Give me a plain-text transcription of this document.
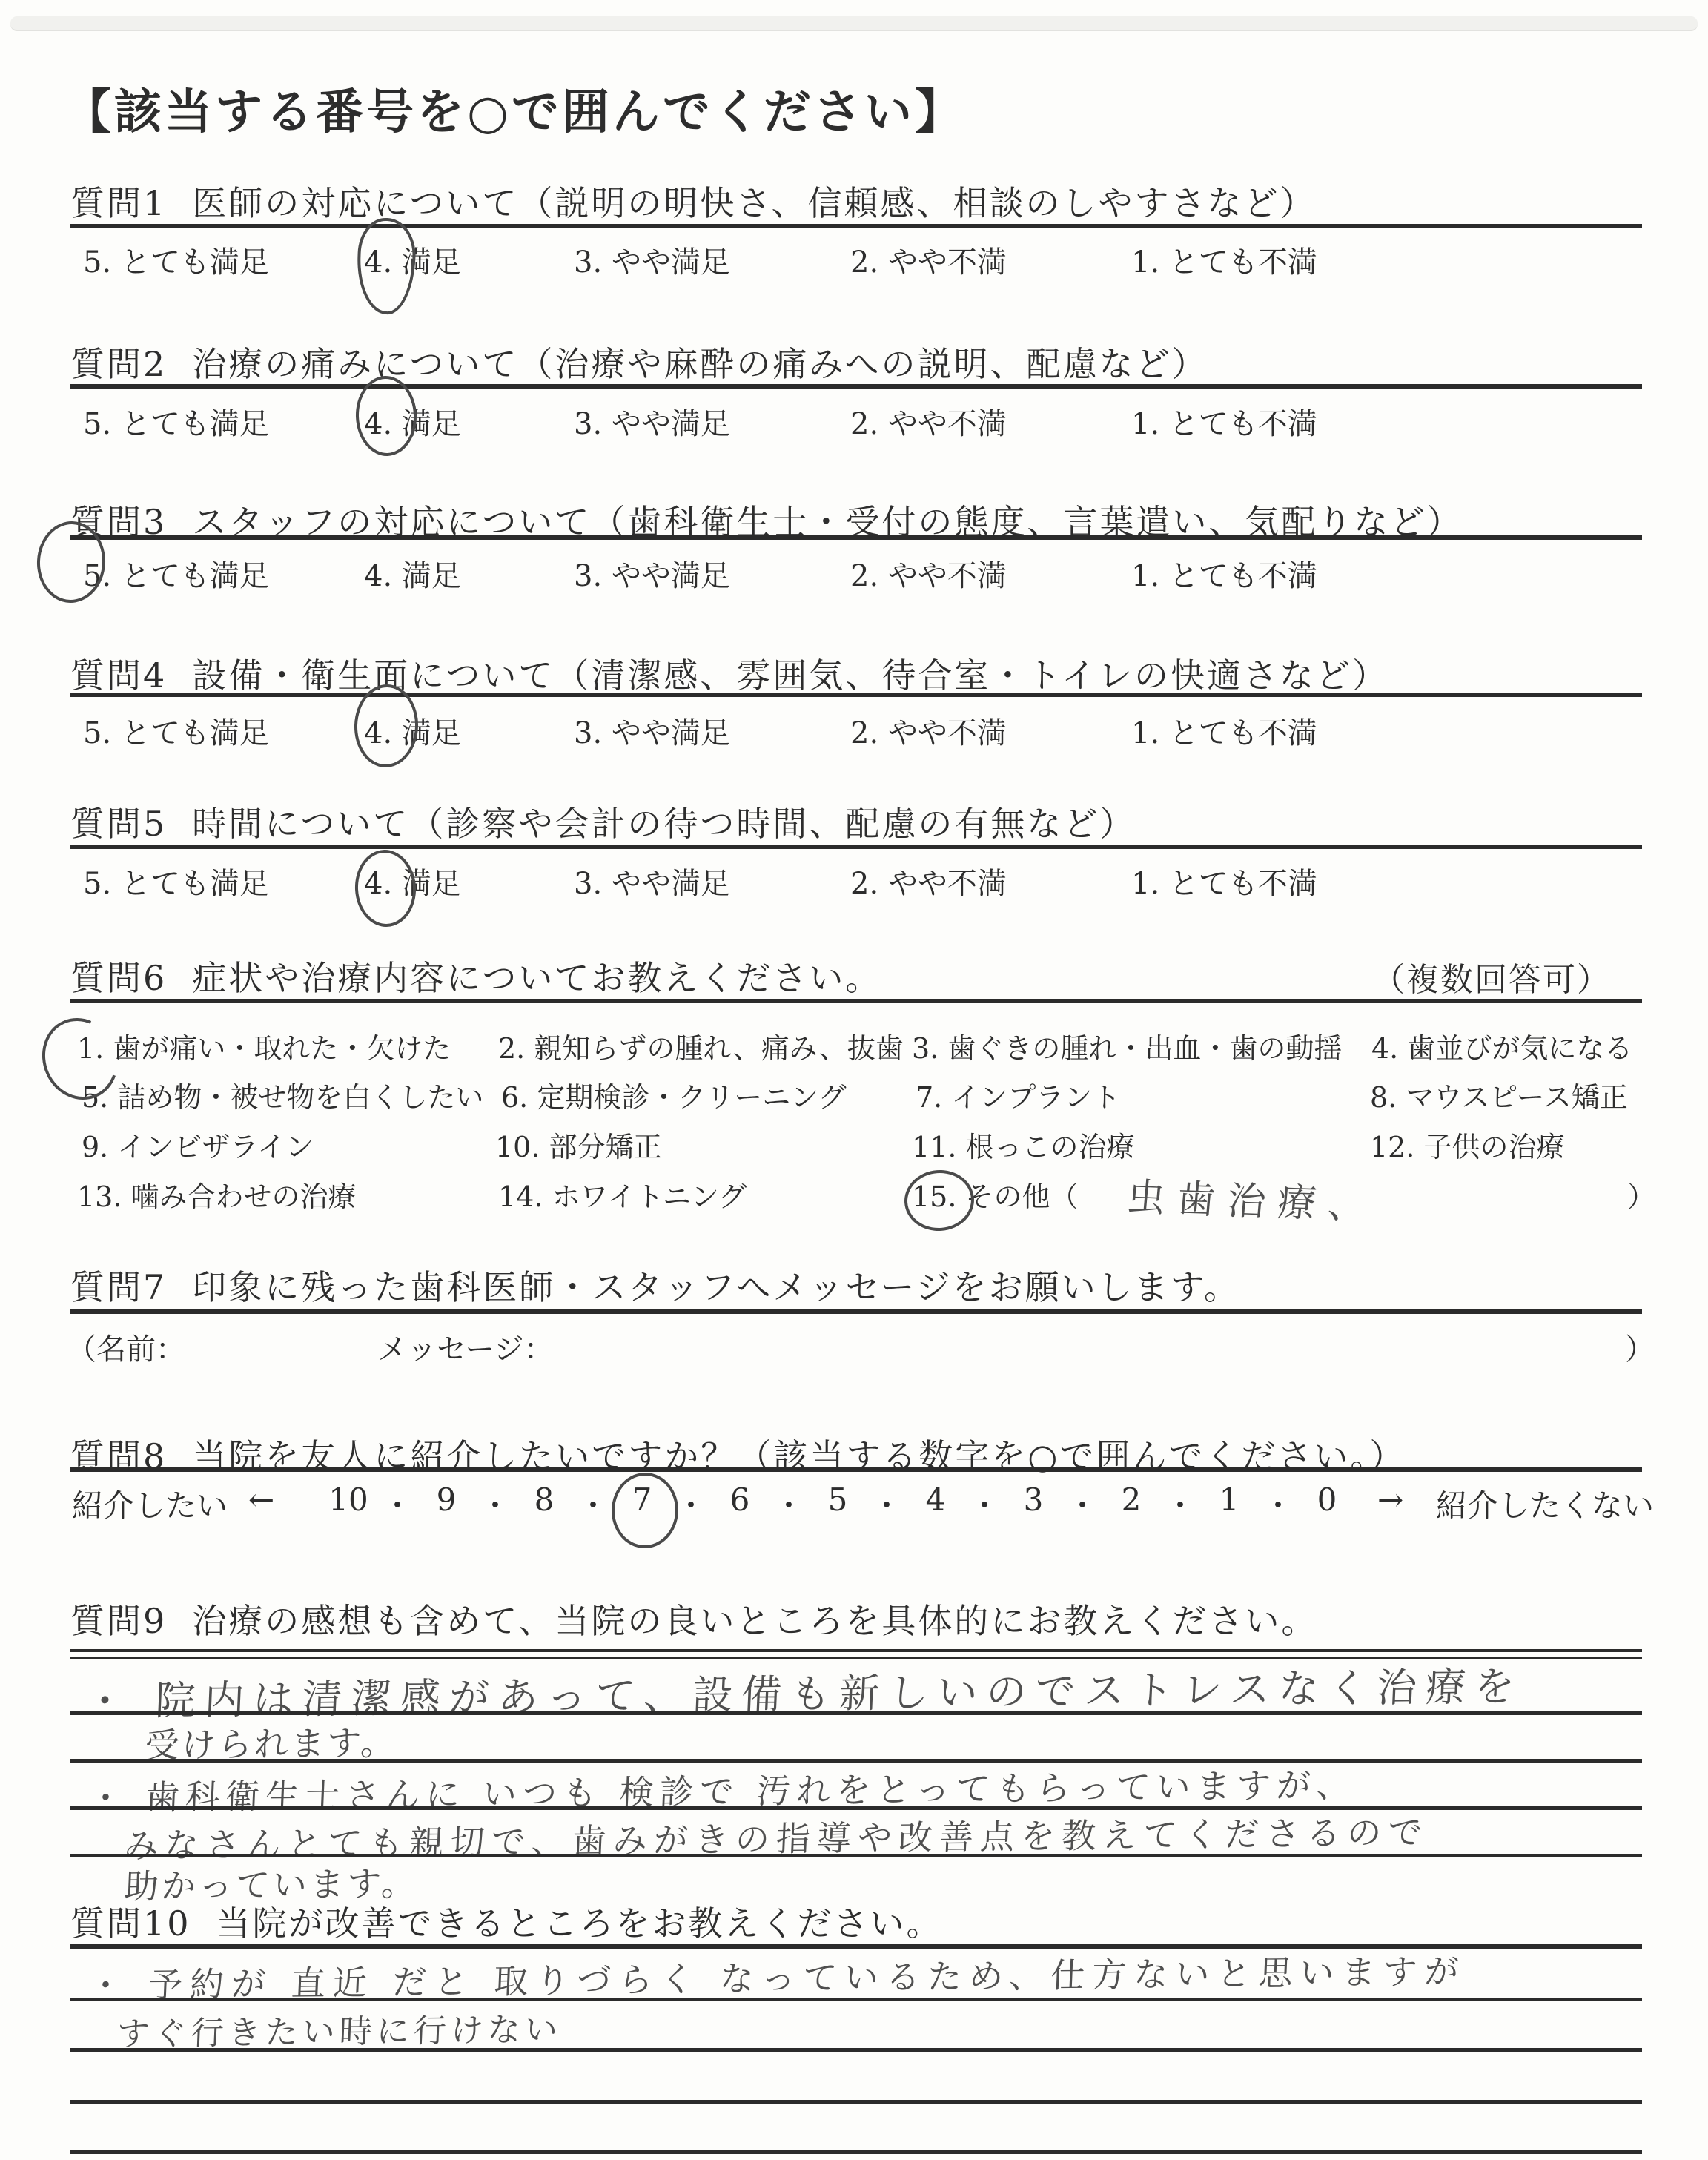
【該当する番号を○で囲んでください】
質問1 医師の対応について（説明の明快さ、信頼感、相談のしやすさなど）
5. とても満足	4. 満足	3. やや満足	2. やや不満	1. とても不満
質問2 治療の痛みについて（治療や麻酔の痛みへの説明、配慮など）
5. とても満足	4. 満足	3. やや満足	2. やや不満	1. とても不満
質問3 スタッフの対応について（歯科衛生士・受付の態度、言葉遣い、気配りなど）
5. とても満足	4. 満足	3. やや満足	2. やや不満	1. とても不満
質問4 設備・衛生面について（清潔感、雰囲気、待合室・トイレの快適さなど）
5. とても満足	4. 満足	3. やや満足	2. やや不満	1. とても不満
質問5 時間について（診察や会計の待つ時間、配慮の有無など）
5. とても満足	4. 満足	3. やや満足	2. やや不満	1. とても不満
質問6 症状や治療内容についてお教えください。	（複数回答可）
1. 歯が痛い・取れた・欠けた 2. 親知らずの腫れ、痛み、抜歯 3. 歯ぐきの腫れ・出血・歯の動揺 4. 歯並びが気になる
5. 詰め物・被せ物を白くしたい 6. 定期検診・クリーニング 7. インプラント	8. マウスピース矯正
9. インビザライン	10. 部分矯正	11. 根っこの治療	12. 子供の治療
13. 噛み合わせの治療	14. ホワイトニング	15. その他（	）
虫歯治療、
質問7 印象に残った歯科医師・スタッフへメッセージをお願いします。
（名前：	メッセージ：	）
質問8 当院を友人に紹介したいですか？（該当する数字を○で囲んでください。）
紹介したい ← 10 ・ 9 ・ 8 ・ 7 ・ 6 ・ 5 ・ 4 ・ 3 ・ 2 ・ 1 ・ 0	→ 紹介したくない
質問9 治療の感想も含めて、当院の良いところを具体的にお教えください。
・ 院内は清潔感があって、設備も新しいのでストレスなく治療を
受けられます。
・ 歯科衛生士さんに いつも 検診で 汚れをとってもらっていますが、
みなさんとても親切で、歯みがきの指導や改善点を教えてくださるので
助かっています。
質問10 当院が改善できるところをお教えください。
・ 予約が 直近 だと 取りづらく なっているため、仕方ないと思いますが
すぐ行きたい時に行けない
